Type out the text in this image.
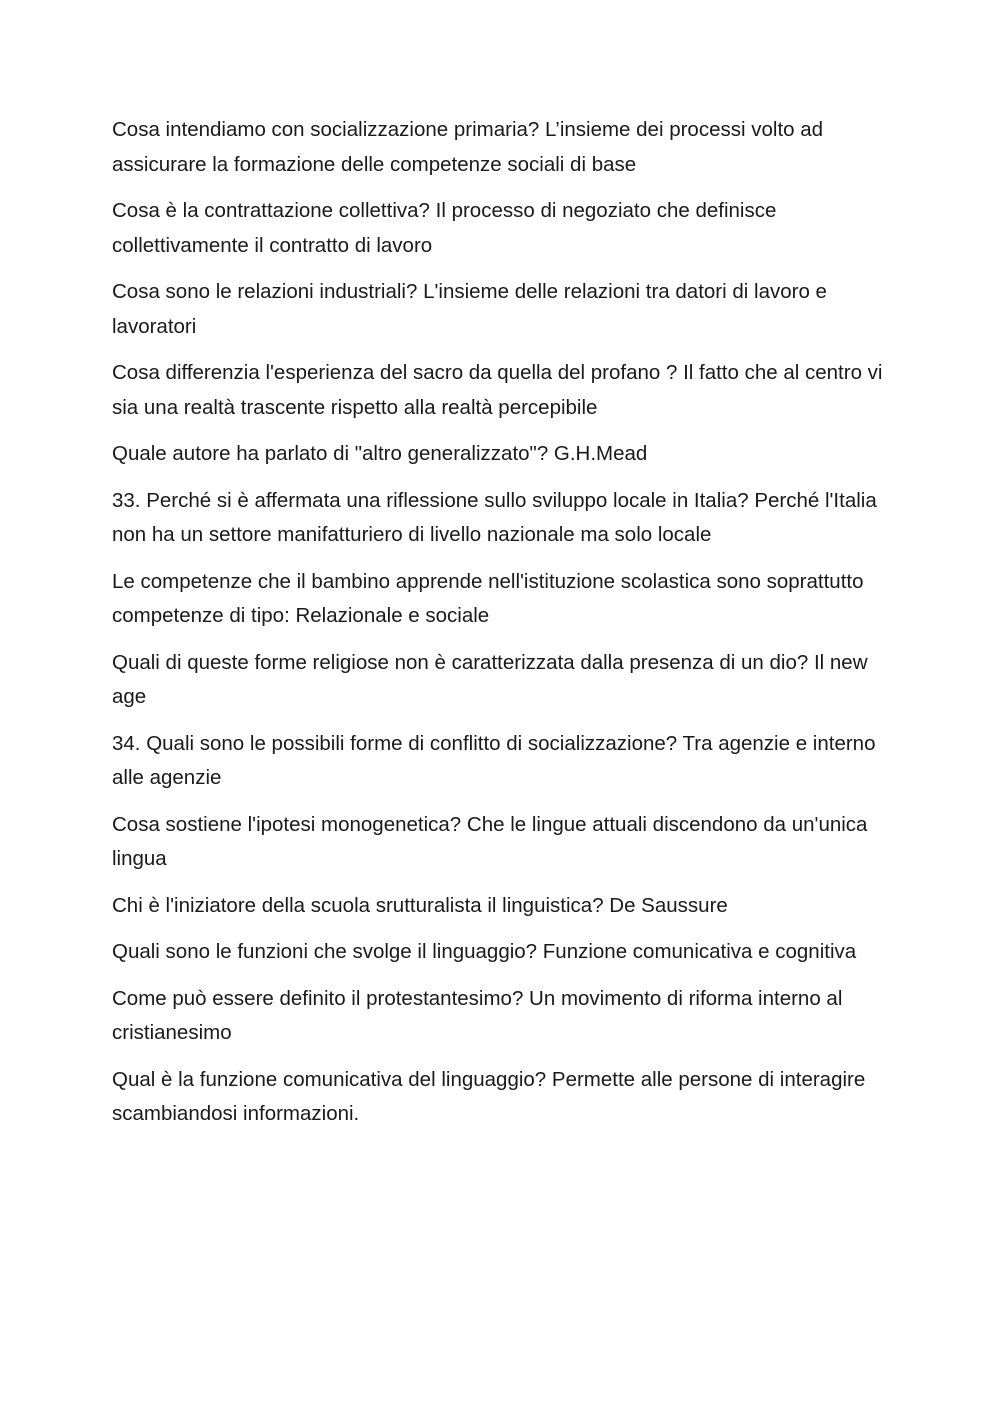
Cosa intendiamo con socializzazione primaria? L’insieme dei processi volto ad assicurare la formazione delle competenze sociali di base

Cosa è la contrattazione collettiva? Il processo di negoziato che definisce collettivamente il contratto di lavoro

Cosa sono le relazioni industriali? L'insieme delle relazioni tra datori di lavoro e lavoratori

Cosa differenzia l'esperienza del sacro da quella del profano ? Il fatto che al centro vi sia una realtà trascente rispetto alla realtà percepibile

Quale autore ha parlato di "altro generalizzato"? G.H.Mead

33. Perché si è affermata una riflessione sullo sviluppo locale in Italia? Perché l'Italia non ha un settore manifatturiero di livello nazionale ma solo locale

Le competenze che il bambino apprende nell'istituzione scolastica sono soprattutto competenze di tipo: Relazionale e sociale

Quali di queste forme religiose non è caratterizzata dalla presenza di un dio? Il new age

34. Quali sono le possibili forme di conflitto di socializzazione? Tra agenzie e interno alle agenzie

Cosa sostiene l'ipotesi monogenetica? Che le lingue attuali discendono da un'unica lingua

Chi è l'iniziatore della scuola srutturalista il linguistica? De Saussure

Quali sono le funzioni che svolge il linguaggio? Funzione comunicativa e cognitiva

Come può essere definito il protestantesimo? Un movimento di riforma interno al cristianesimo

Qual è la funzione comunicativa del linguaggio? Permette alle persone di interagire scambiandosi informazioni.
